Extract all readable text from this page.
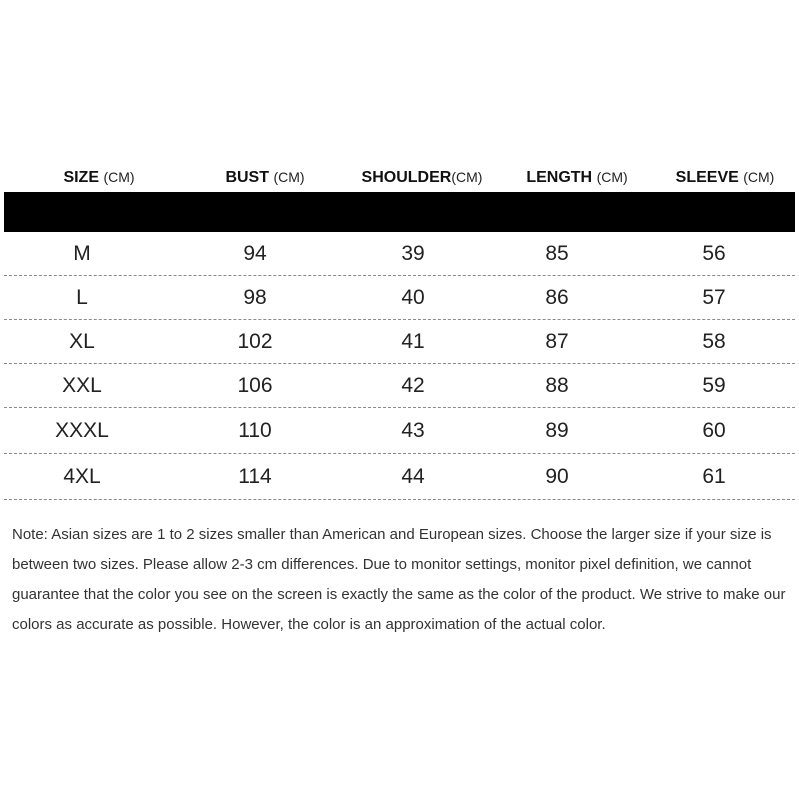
SIZE (CM)	BUST (CM)	SHOULDER(CM)	LENGTH (CM)	SLEEVE (CM)
M	94	39	85	56
L	98	40	86	57
XL	102	41	87	58
XXL	106	42	88	59
XXXL	110	43	89	60
4XL	114	44	90	61

Note: Asian sizes are 1 to 2 sizes smaller than American and European sizes. Choose the larger size if your size is between two sizes. Please allow 2-3 cm differences. Due to monitor settings, monitor pixel definition, we cannot guarantee that the color you see on the screen is exactly the same as the color of the product. We strive to make our colors as accurate as possible. However, the color is an approximation of the actual color.
